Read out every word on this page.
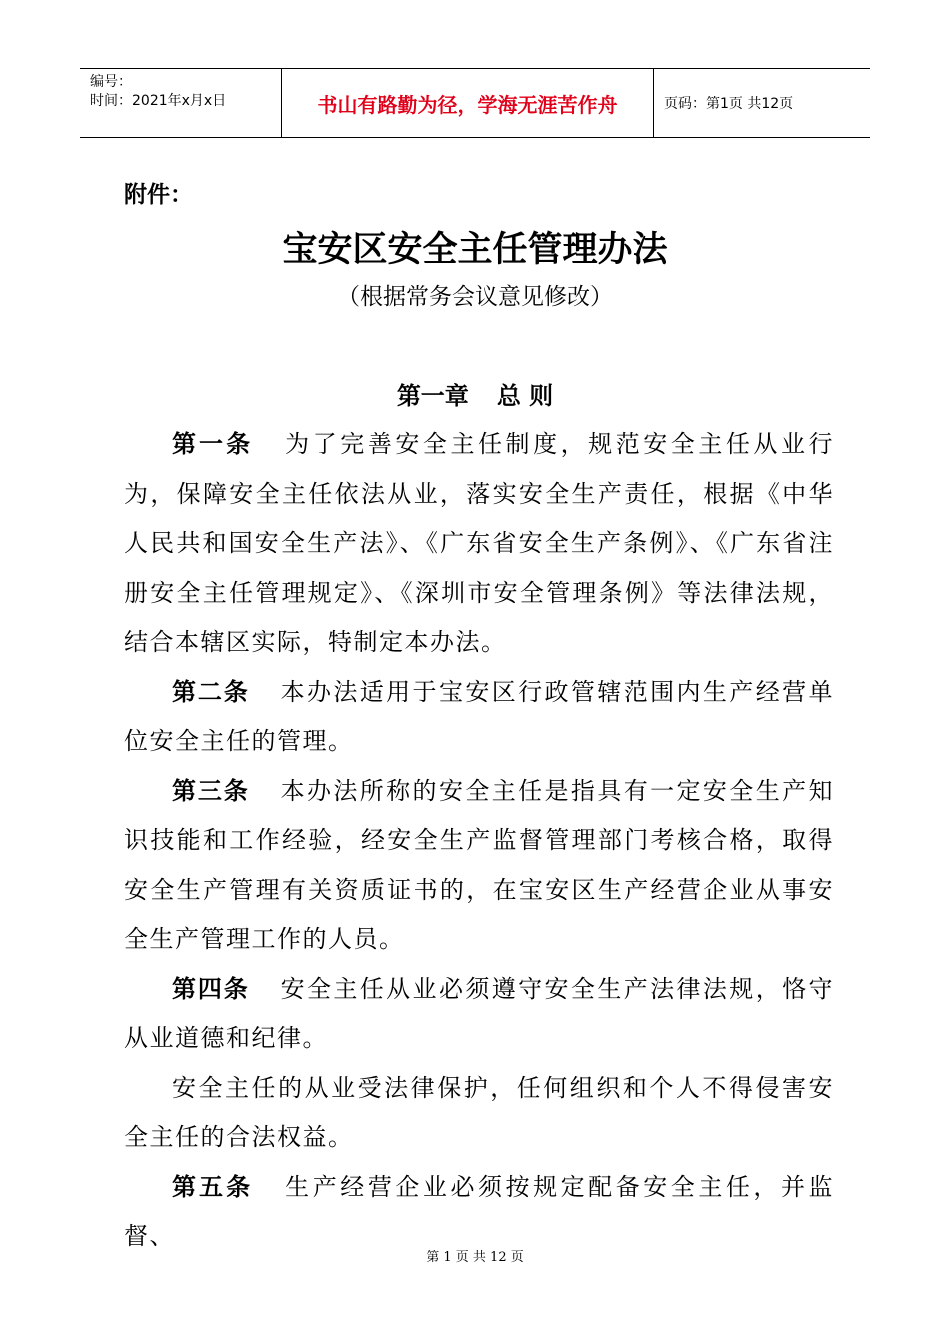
编号：
时间：2021年x月x日	书山有路勤为径，学海无涯苦作舟	页码：第1页 共12页
附件：
宝安区安全主任管理办法
（根据常务会议意见修改）
第一章 总 则

第一条 为了完善安全主任制度，规范安全主任从业行为，保障安全主任依法从业，落实安全生产责任，根据《中华人民共和国安全生产法》、《广东省安全生产条例》、《广东省注册安全主任管理规定》、《深圳市安全管理条例》等法律法规，结合本辖区实际，特制定本办法。

第二条 本办法适用于宝安区行政管辖范围内生产经营单位安全主任的管理。

第三条 本办法所称的安全主任是指具有一定安全生产知识技能和工作经验，经安全生产监督管理部门考核合格，取得安全生产管理有关资质证书的，在宝安区生产经营企业从事安全生产管理工作的人员。

第四条 安全主任从业必须遵守安全生产法律法规，恪守从业道德和纪律。

安全主任的从业受法律保护，任何组织和个人不得侵害安全主任的合法权益。

第五条 生产经营企业必须按规定配备安全主任，并监督、

第 1 页 共 12 页
